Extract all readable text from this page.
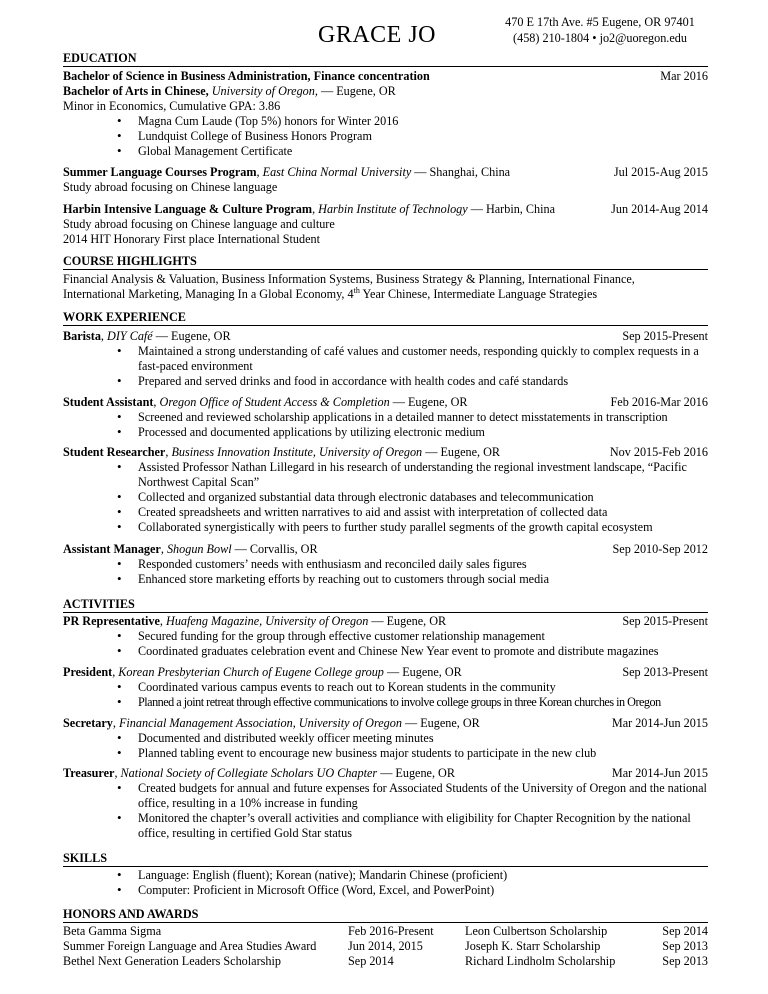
GRACE JO	470 E 17th Ave. #5 Eugene, OR 97401
(458) 210-1804 • jo2@uoregon.edu
EDUCATION
Bachelor of Science in Business Administration, Finance concentration	Mar 2016
Bachelor of Arts in Chinese, University of Oregon, — Eugene, OR
Minor in Economics, Cumulative GPA: 3.86
• Magna Cum Laude (Top 5%) honors for Winter 2016
• Lundquist College of Business Honors Program
• Global Management Certificate
Summer Language Courses Program, East China Normal University — Shanghai, China	Jul 2015-Aug 2015
Study abroad focusing on Chinese language
Harbin Intensive Language & Culture Program, Harbin Institute of Technology — Harbin, China	Jun 2014-Aug 2014
Study abroad focusing on Chinese language and culture
2014 HIT Honorary First place International Student
COURSE HIGHLIGHTS
Financial Analysis & Valuation, Business Information Systems, Business Strategy & Planning, International Finance,
International Marketing, Managing In a Global Economy, 4th Year Chinese, Intermediate Language Strategies
WORK EXPERIENCE
Barista, DIY Café — Eugene, OR	Sep 2015-Present
• Maintained a strong understanding of café values and customer needs, responding quickly to complex requests in a fast-paced environment
• Prepared and served drinks and food in accordance with health codes and café standards
Student Assistant, Oregon Office of Student Access & Completion — Eugene, OR	Feb 2016-Mar 2016
• Screened and reviewed scholarship applications in a detailed manner to detect misstatements in transcription
• Processed and documented applications by utilizing electronic medium
Student Researcher, Business Innovation Institute, University of Oregon — Eugene, OR	Nov 2015-Feb 2016
• Assisted Professor Nathan Lillegard in his research of understanding the regional investment landscape, “Pacific Northwest Capital Scan”
• Collected and organized substantial data through electronic databases and telecommunication
• Created spreadsheets and written narratives to aid and assist with interpretation of collected data
• Collaborated synergistically with peers to further study parallel segments of the growth capital ecosystem
Assistant Manager, Shogun Bowl — Corvallis, OR	Sep 2010-Sep 2012
• Responded customers’ needs with enthusiasm and reconciled daily sales figures
• Enhanced store marketing efforts by reaching out to customers through social media
ACTIVITIES
PR Representative, Huafeng Magazine, University of Oregon — Eugene, OR	Sep 2015-Present
• Secured funding for the group through effective customer relationship management
• Coordinated graduates celebration event and Chinese New Year event to promote and distribute magazines
President, Korean Presbyterian Church of Eugene College group — Eugene, OR	Sep 2013-Present
• Coordinated various campus events to reach out to Korean students in the community
• Planned a joint retreat through effective communications to involve college groups in three Korean churches in Oregon
Secretary, Financial Management Association, University of Oregon — Eugene, OR	Mar 2014-Jun 2015
• Documented and distributed weekly officer meeting minutes
• Planned tabling event to encourage new business major students to participate in the new club
Treasurer, National Society of Collegiate Scholars UO Chapter — Eugene, OR	Mar 2014-Jun 2015
• Created budgets for annual and future expenses for Associated Students of the University of Oregon and the national office, resulting in a 10% increase in funding
• Monitored the chapter’s overall activities and compliance with eligibility for Chapter Recognition by the national office, resulting in certified Gold Star status
SKILLS
• Language: English (fluent); Korean (native); Mandarin Chinese (proficient)
• Computer: Proficient in Microsoft Office (Word, Excel, and PowerPoint)
HONORS AND AWARDS
Beta Gamma Sigma	Feb 2016-Present	Leon Culbertson Scholarship	Sep 2014
Summer Foreign Language and Area Studies Award	Jun 2014, 2015	Joseph K. Starr Scholarship	Sep 2013
Bethel Next Generation Leaders Scholarship	Sep 2014	Richard Lindholm Scholarship	Sep 2013
